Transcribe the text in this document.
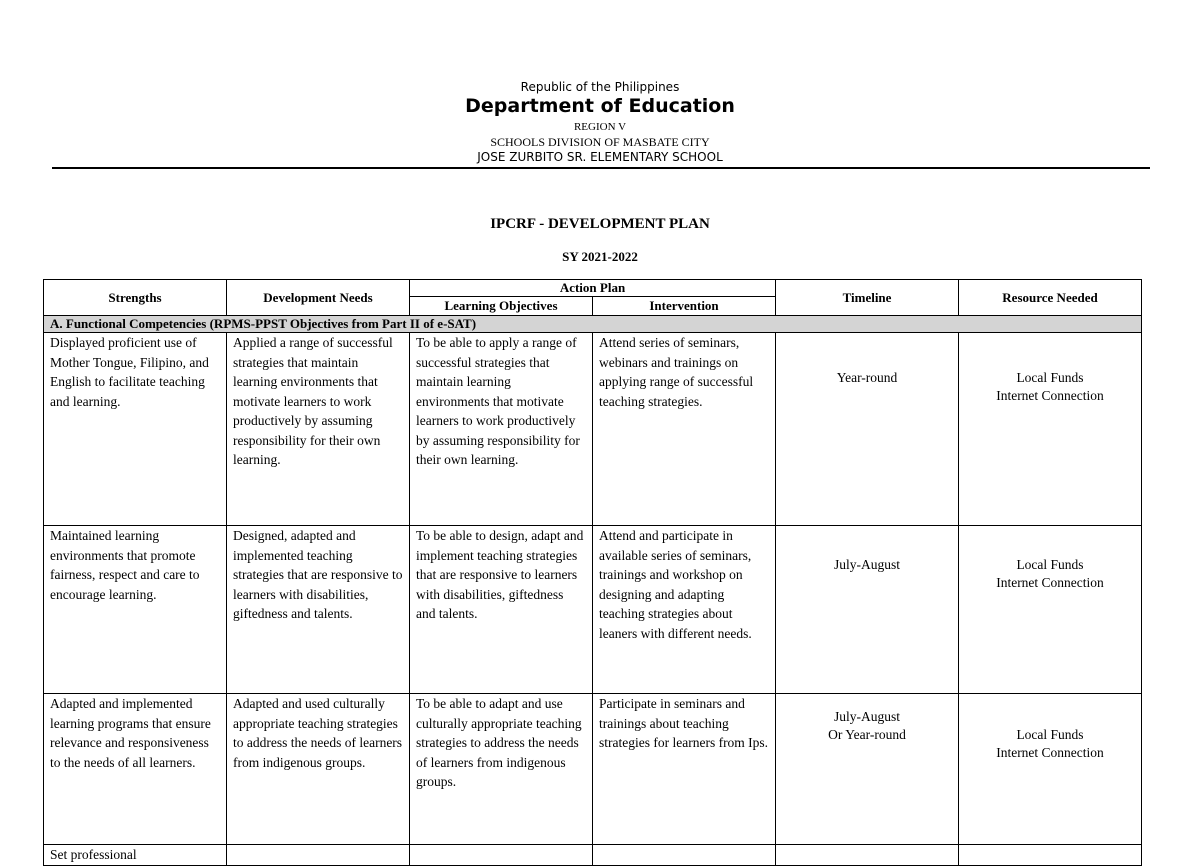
Republic of the Philippines
Department of Education
REGION V
SCHOOLS DIVISION OF MASBATE CITY
JOSE ZURBITO SR. ELEMENTARY SCHOOL
IPCRF - DEVELOPMENT PLAN
SY 2021-2022
Strengths	Development Needs	Action Plan		Timeline	Resource Needed
		Learning Objectives	Intervention		
A. Functional Competencies (RPMS-PPST Objectives from Part II of e-SAT)					
Displayed proficient use of Mother Tongue, Filipino, and English to facilitate teaching and learning.	Applied a range of successful strategies that maintain learning environments that motivate learners to work productively by assuming responsibility for their own learning.	To be able to apply a range of successful strategies that maintain learning environments that motivate learners to work productively by assuming responsibility for their own learning.	Attend series of seminars, webinars and trainings on applying range of successful teaching strategies.	Year-round	Local Funds
Internet Connection

Maintained learning environments that promote fairness, respect and care to encourage learning.	Designed, adapted and implemented teaching strategies that are responsive to learners with disabilities, giftedness and talents.	To be able to design, adapt and implement teaching strategies that are responsive to learners with disabilities, giftedness and talents.	Attend and participate in available series of seminars, trainings and workshop on designing and adapting teaching strategies about leaners with different needs.	July-August	Local Funds
Internet Connection

Adapted and implemented learning programs that ensure relevance and responsiveness to the needs of all learners.	Adapted and used culturally appropriate teaching strategies to address the needs of learners from indigenous groups.	To be able to adapt and use culturally appropriate teaching strategies to address the needs of learners from indigenous groups.	Participate in seminars and trainings about teaching strategies for learners from Ips.	July-August
Or Year-round	Local Funds
Internet Connection

Set professional					
